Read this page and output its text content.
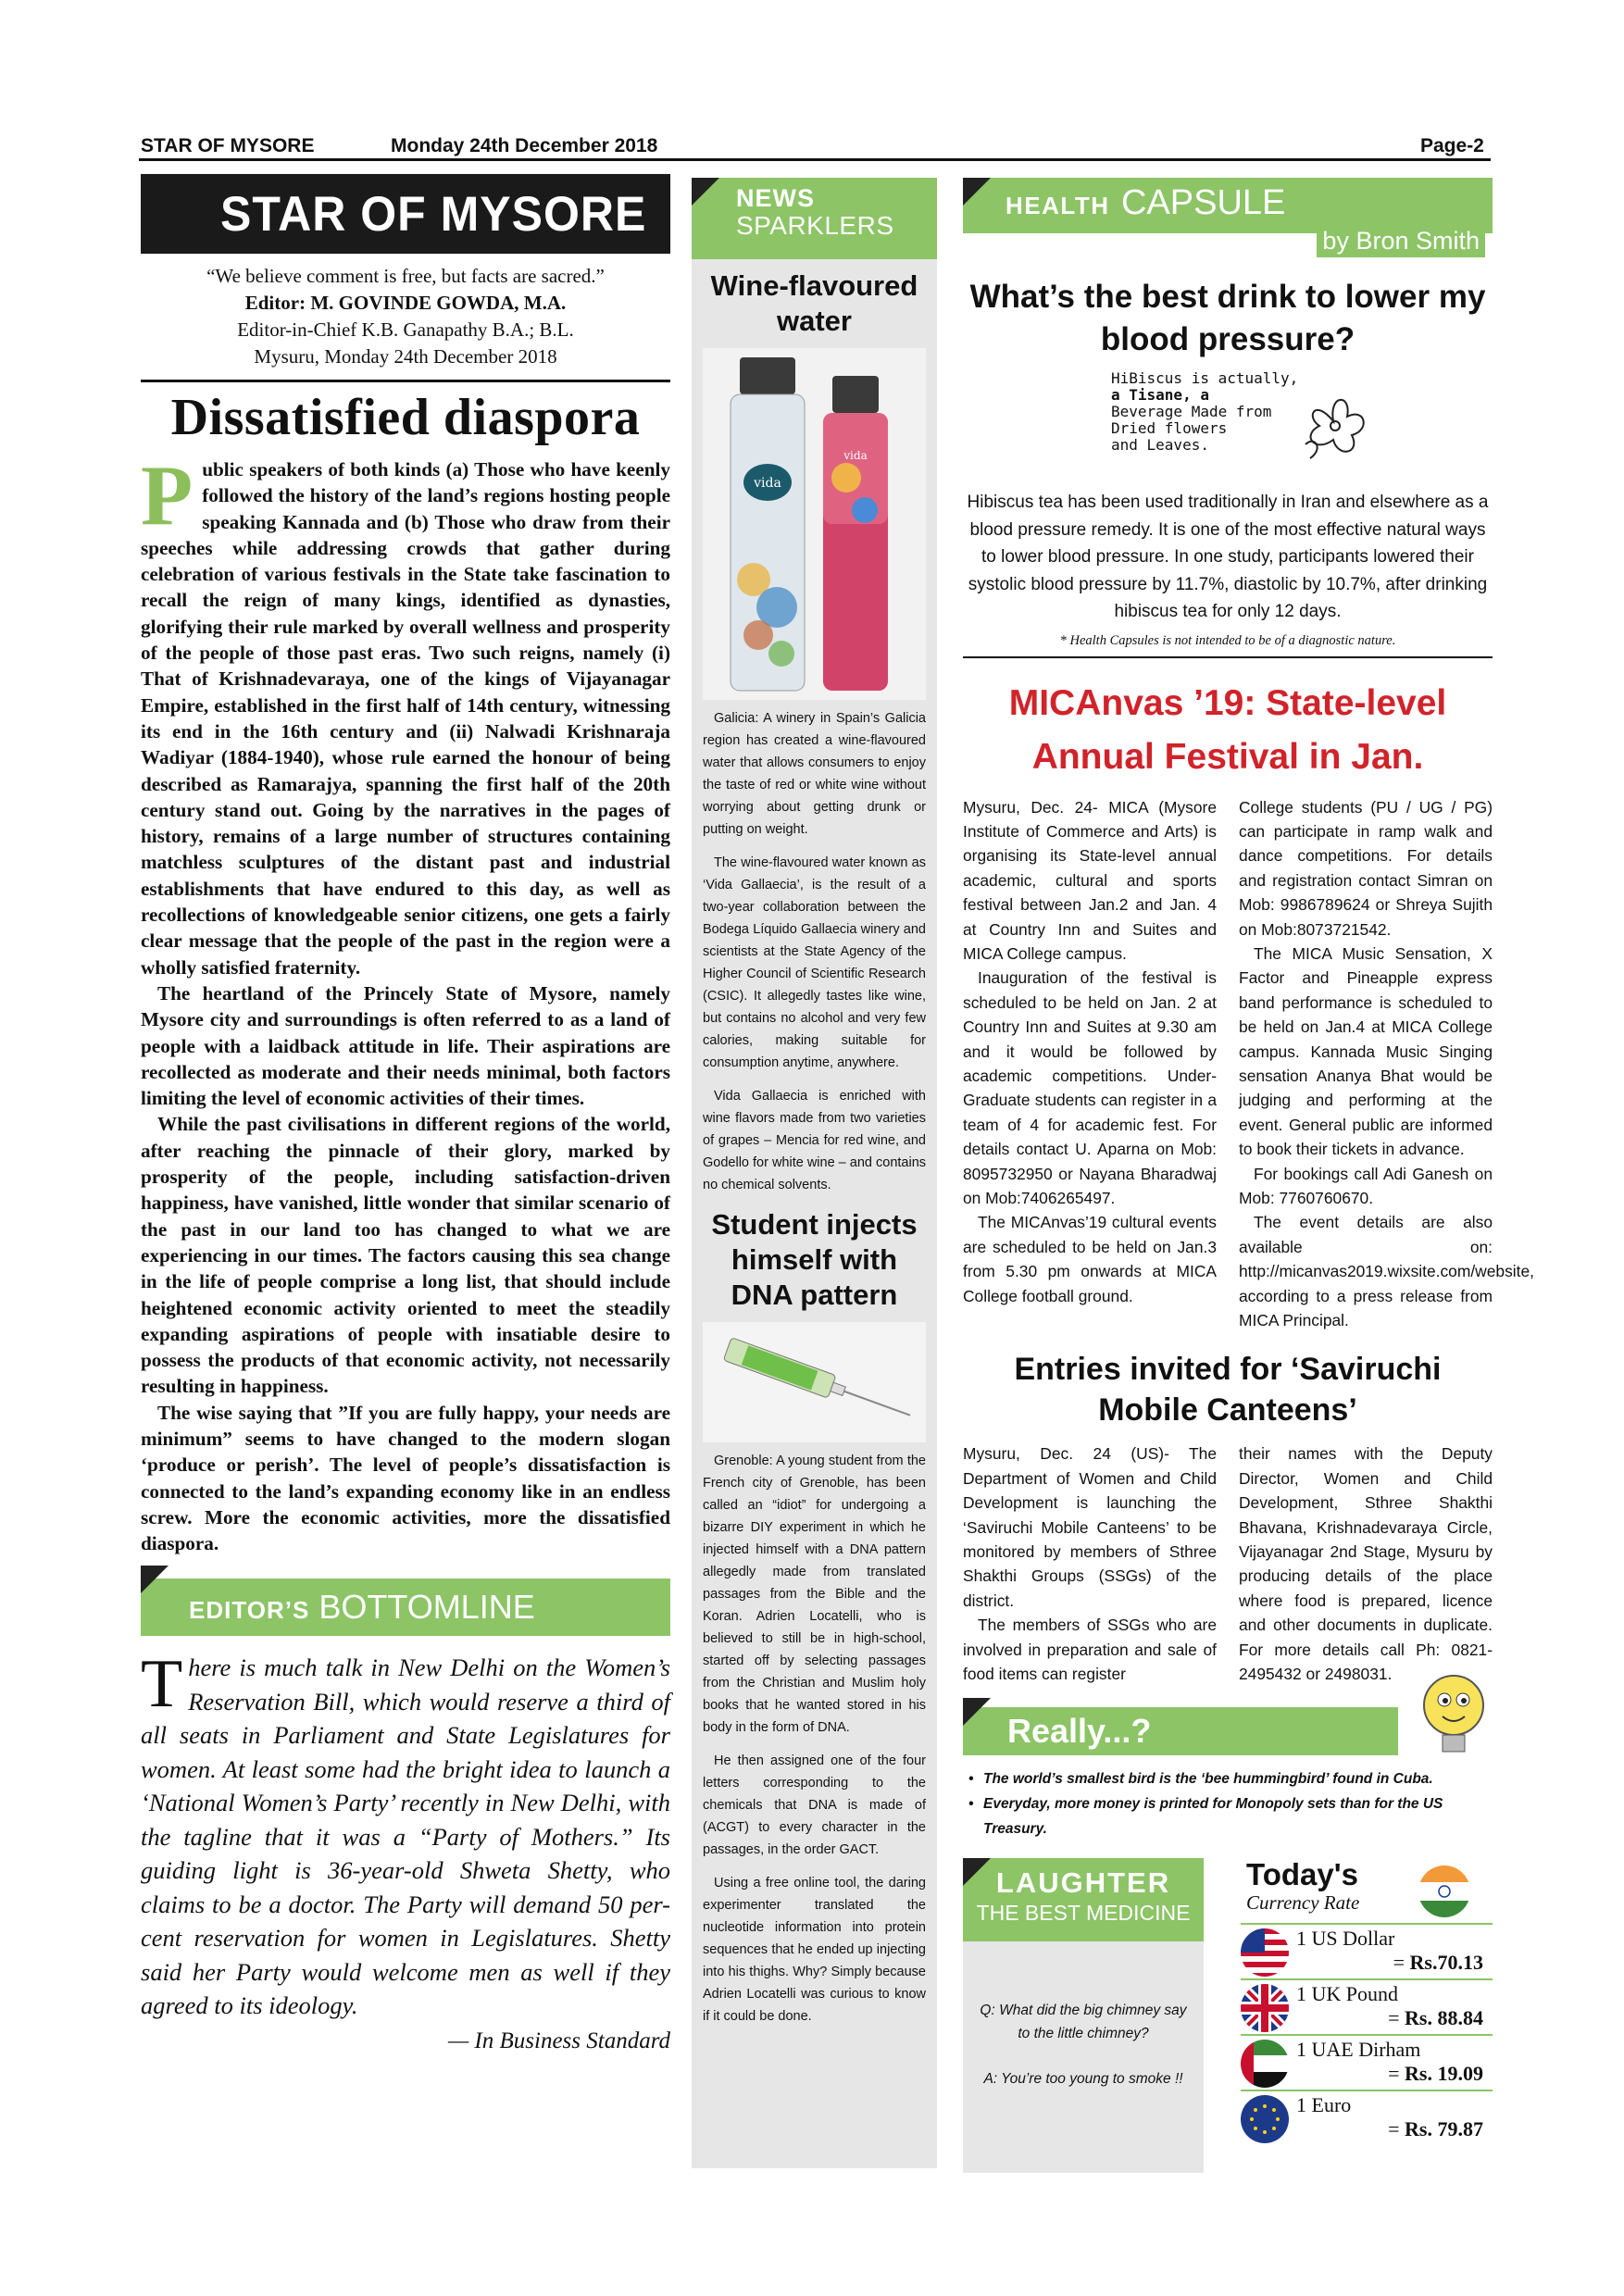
STAR OF MYSORE	Monday 24th December 2018	Page-2
STAR OF MYSORE
“We believe comment is free, but facts are sacred.”
Editor: M. GOVINDE GOWDA, M.A.
Editor-in-Chief K.B. Ganapathy B.A.; B.L.
Mysuru, Monday 24th December 2018
Dissatisfied diaspora

Public speakers of both kinds (a) Those who have keenly followed the history of the land’s regions hosting people speaking Kannada and (b) Those who draw from their speeches while addressing crowds that gather during celebration of various festivals in the State take fascination to recall the reign of many kings, identified as dynasties, glorifying their rule marked by overall wellness and prosperity of the people of those past eras. Two such reigns, namely (i) That of Krishnadevaraya, one of the kings of Vijayanagar Empire, established in the first half of 14th century, witnessing its end in the 16th century and (ii) Nalwadi Krishnaraja Wadiyar (1884-1940), whose rule earned the honour of being described as Ramarajya, spanning the first half of the 20th century stand out. Going by the narratives in the pages of history, remains of a large number of structures containing matchless sculptures of the distant past and industrial establishments that have endured to this day, as well as recollections of knowledgeable senior citizens, one gets a fairly clear message that the people of the past in the region were a wholly satisfied fraternity.

The heartland of the Princely State of Mysore, namely Mysore city and surroundings is often referred to as a land of people with a laidback attitude in life. Their aspirations are recollected as moderate and their needs minimal, both factors limiting the level of economic activities of their times.

While the past civilisations in different regions of the world, after reaching the pinnacle of their glory, marked by prosperity of the people, including satisfaction-driven happiness, have vanished, little wonder that similar scenario of the past in our land too has changed to what we are experiencing in our times. The factors causing this sea change in the life of people comprise a long list, that should include heightened economic activity oriented to meet the steadily expanding aspirations of people with insatiable desire to possess the products of that economic activity, not necessarily resulting in happiness.

The wise saying that ”If you are fully happy, your needs are minimum” seems to have changed to the modern slogan ‘produce or perish’. The level of people’s dissatisfaction is connected to the land’s expanding economy like in an endless screw. More the economic activities, more the dissatisfied diaspora.

EDITOR’S BOTTOMLINE
There is much talk in New Delhi on the Women’s Reservation Bill, which would reserve a third of all seats in Parliament and State Legislatures for women. At least some had the bright idea to launch a ‘National Women’s Party’ recently in New Delhi, with the tagline that it was a “Party of Mothers.” Its guiding light is 36-year-old Shweta Shetty, who claims to be a doctor. The Party will demand 50 per-cent reservation for women in Legislatures. Shetty said her Party would welcome men as well if they agreed to its ideology.
— In Business Standard
NEWS
SPARKLERS
Wine-flavoured water
vida
vida

Galicia: A winery in Spain’s Galicia region has created a wine-flavoured water that allows consumers to enjoy the taste of red or white wine without worrying about getting drunk or putting on weight.

The wine-flavoured water known as ‘Vida Gallaecia’, is the result of a two-year collaboration between the Bodega Líquido Gallaecia winery and scientists at the State Agency of the Higher Council of Scientific Research (CSIC). It allegedly tastes like wine, but contains no alcohol and very few calories, making suitable for consumption anytime, anywhere.

Vida Gallaecia is enriched with wine flavors made from two varieties of grapes – Mencia for red wine, and Godello for white wine – and contains no chemical solvents.

Student injects himself with DNA pattern

Grenoble: A young student from the French city of Grenoble, has been called an “idiot” for undergoing a bizarre DIY experiment in which he injected himself with a DNA pattern allegedly made from translated passages from the Bible and the Koran. Adrien Locatelli, who is believed to still be in high-school, started off by selecting passages from the Christian and Muslim holy books that he wanted stored in his body in the form of DNA.

He then assigned one of the four letters corresponding to the chemicals that DNA is made of (ACGT) to every character in the passages, in the order GACT.

Using a free online tool, the daring experimenter translated the nucleotide information into protein sequences that he ended up injecting into his thighs. Why? Simply because Adrien Locatelli was curious to know if it could be done.

HEALTH CAPSULE
by Bron Smith
What’s the best drink to lower my blood pressure?
HiBiscus is actually,
a Tisane, a
Beverage Made from
Dried flowers
and Leaves.
Hibiscus tea has been used traditionally in Iran and elsewhere as a blood pressure remedy. It is one of the most effective natural ways to lower blood pressure. In one study, participants lowered their systolic blood pressure by 11.7%, diastolic by 10.7%, after drinking hibiscus tea for only 12 days.
* Health Capsules is not intended to be of a diagnostic nature.
MICAnvas ’19: State-level Annual Festival in Jan.

Mysuru, Dec. 24- MICA (Mysore Institute of Commerce and Arts) is organising its State-level annual academic, cultural and sports festival between Jan.2 and Jan. 4 at Country Inn and Suites and MICA College campus.

Inauguration of the festival is scheduled to be held on Jan. 2 at Country Inn and Suites at 9.30 am and it would be followed by academic competitions. Under-Graduate students can register in a team of 4 for academic fest. For details contact U. Aparna on Mob: 8095732950 or Nayana Bharadwaj on Mob:7406265497.

The MICAnvas’19 cultural events are scheduled to be held on Jan.3 from 5.30 pm onwards at MICA College football ground.

College students (PU / UG / PG) can participate in ramp walk and dance competitions. For details and registration contact Simran on Mob: 9986789624 or Shreya Sujith on Mob:8073721542.

The MICA Music Sensation, X Factor and Pineapple express band performance is scheduled to be held on Jan.4 at MICA College campus. Kannada Music Singing sensation Ananya Bhat would be judging and performing at the event. General public are informed to book their tickets in advance.

For bookings call Adi Ganesh on Mob: 7760760670.

The event details are also available on: http://micanvas2019.wixsite.com/website, according to a press release from MICA Principal.

Entries invited for ‘Saviruchi Mobile Canteens’

Mysuru, Dec. 24 (US)- The Department of Women and Child Development is launching the ‘Saviruchi Mobile Canteens’ to be monitored by members of Sthree Shakthi Groups (SSGs) of the district.

The members of SSGs who are involved in preparation and sale of food items can register

their names with the Deputy Director, Women and Child Development, Sthree Shakthi Bhavana, Krishnadevaraya Circle, Vijayanagar 2nd Stage, Mysuru by producing details of the place where food is prepared, licence and other documents in duplicate. For more details call Ph: 0821-2495432 or 2498031.

Really...?
• The world’s smallest bird is the ‘bee hummingbird’ found in Cuba.
• Everyday, more money is printed for Monopoly sets than for the US Treasury.
LAUGHTER
THE BEST MEDICINE
Q: What did the big chimney say to the little chimney?
A: You’re too young to smoke !!
Today's
Currency Rate
1 US Dollar
= Rs.70.13
1 UK Pound
= Rs. 88.84
1 UAE Dirham
= Rs. 19.09
1 Euro
= Rs. 79.87
